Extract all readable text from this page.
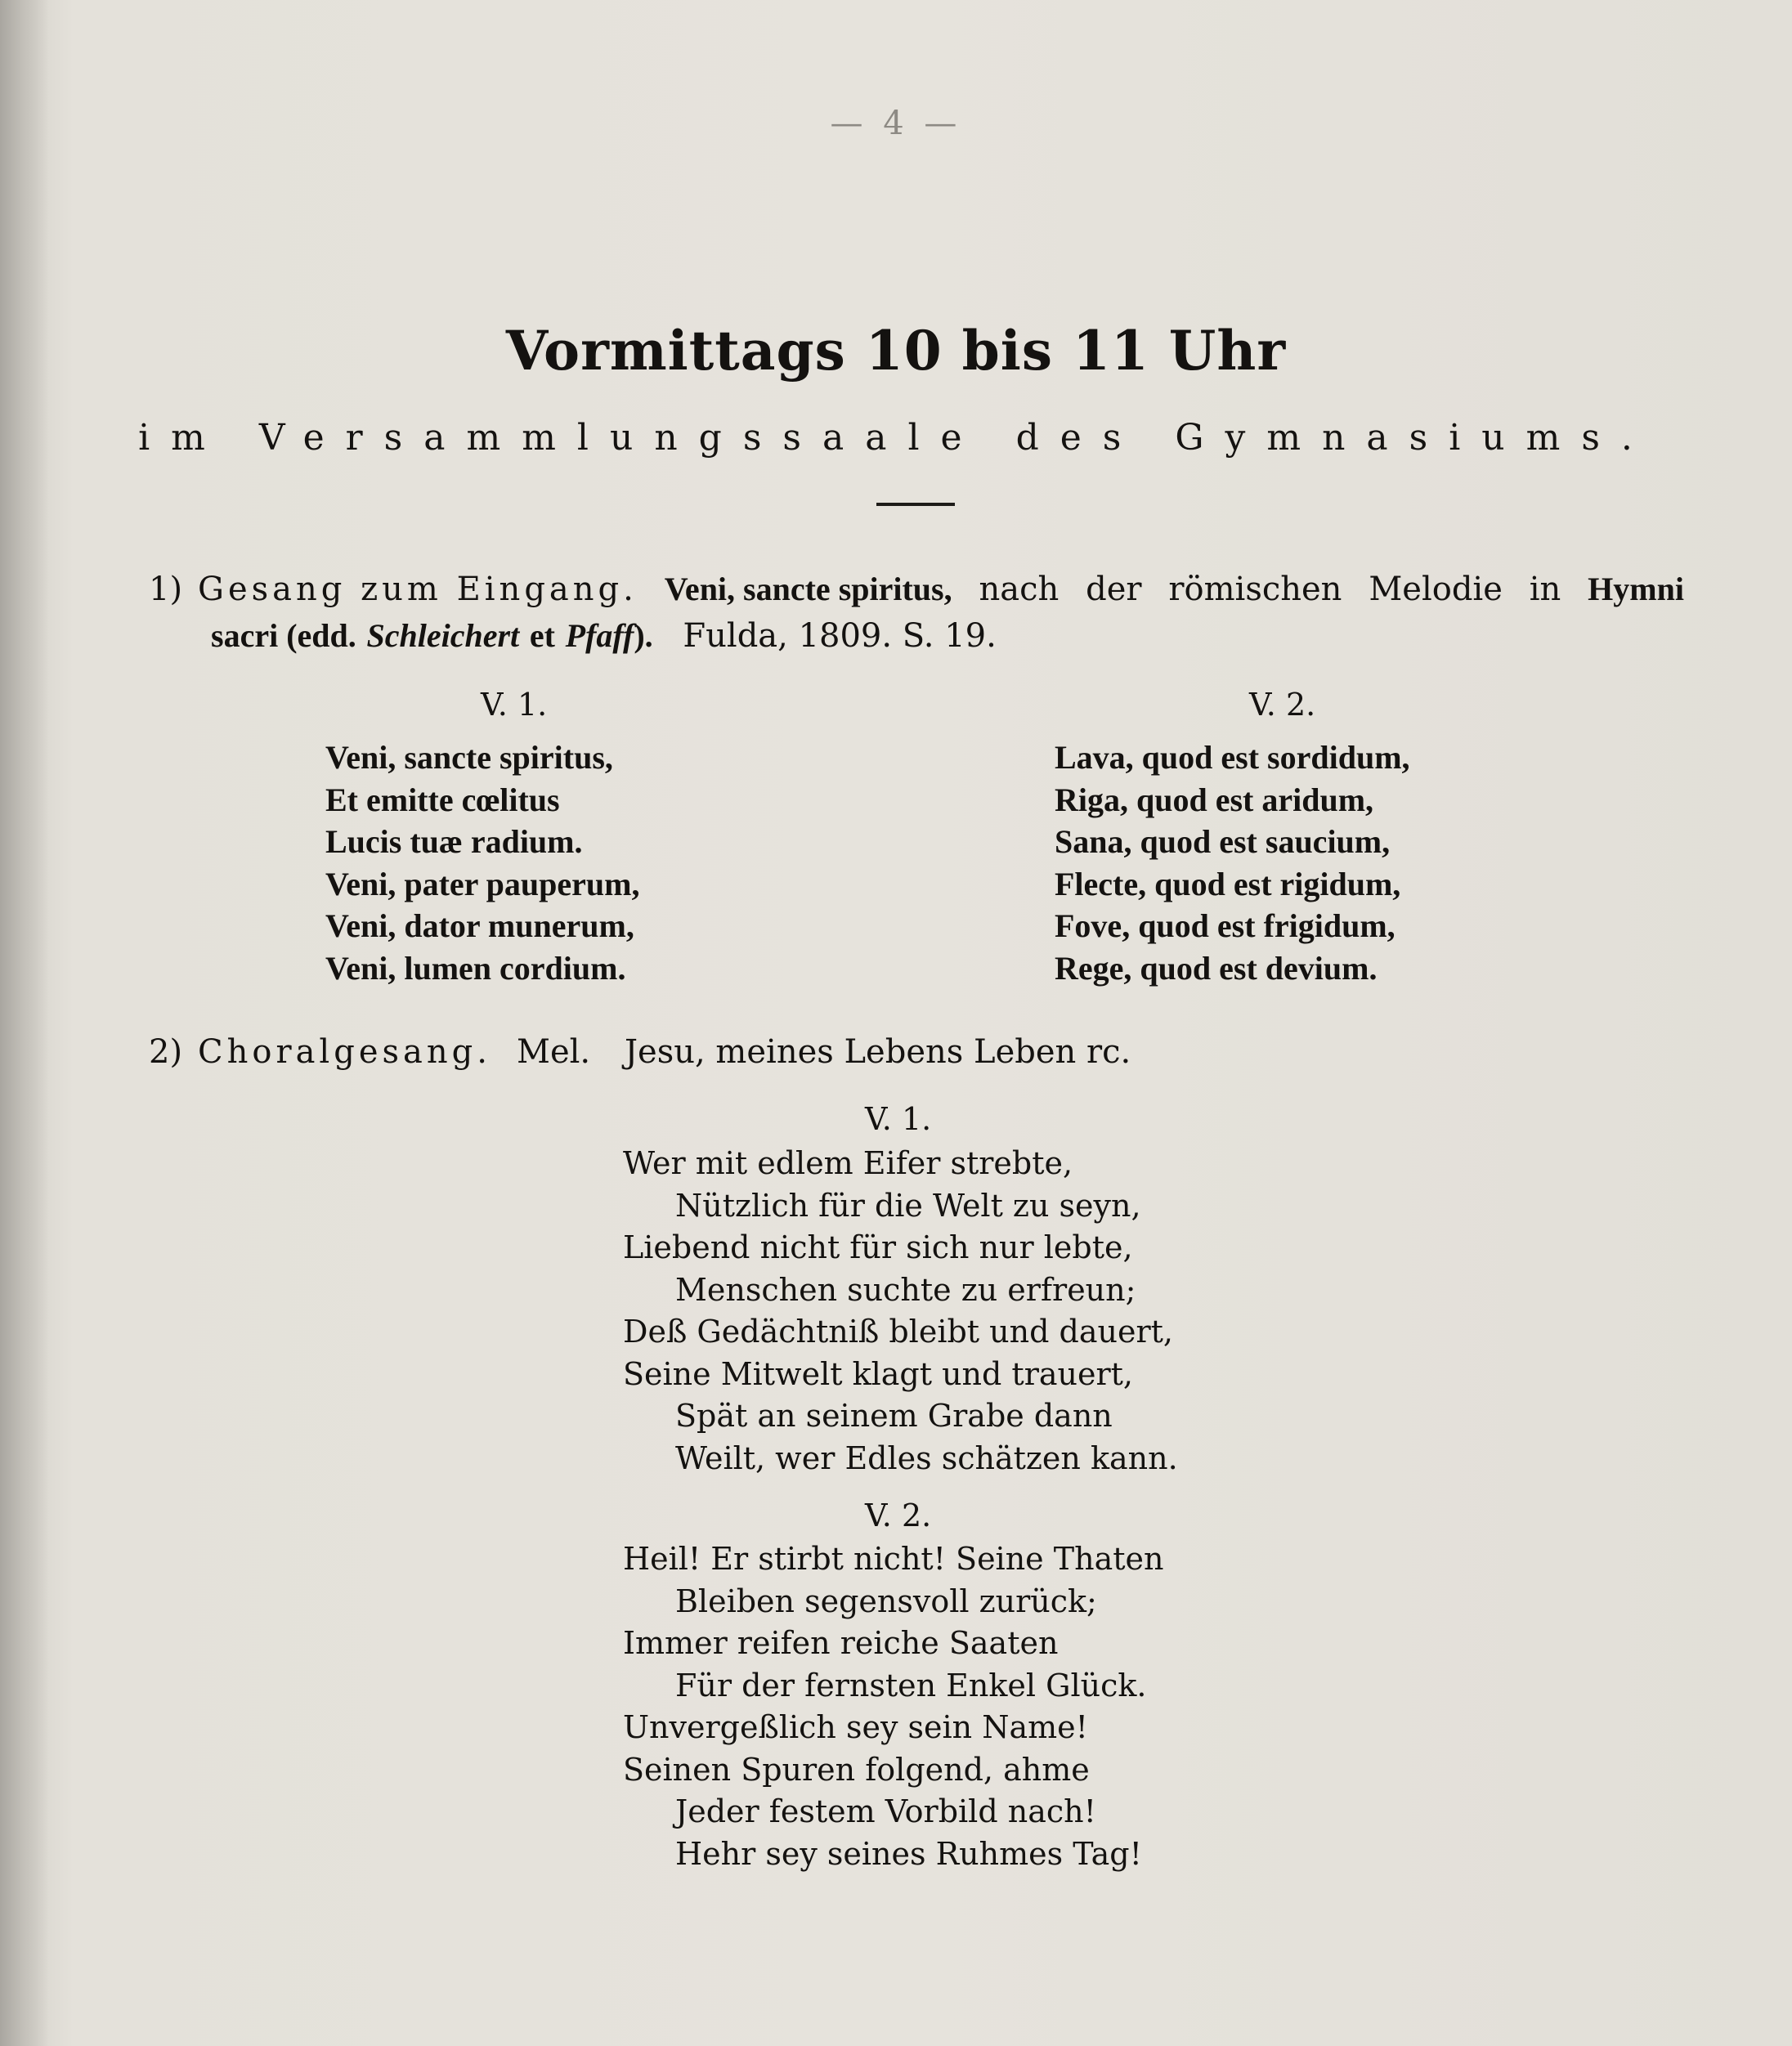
— 4 —
Vormittags 10 bis 11 Uhr
im Versammlungssaale des Gymnasiums.
1) Gesang zum Eingang. Veni, sancte spiritus, nach der römischen Melodie in Hymni
sacri (edd. Schleichert et Pfaff). Fulda, 1809. S. 19.
V. 1.	V. 2.
Veni, sancte spiritus,
Et emitte cœlitus
Lucis tuæ radium.
Veni, pater pauperum,
Veni, dator munerum,
Veni, lumen cordium.
Lava, quod est sordidum,
Riga, quod est aridum,
Sana, quod est saucium,
Flecte, quod est rigidum,
Fove, quod est frigidum,
Rege, quod est devium.
2) Choralgesang. Mel. Jesu, meines Lebens Leben rc.
V. 1.
Wer mit edlem Eifer strebte,
Nützlich für die Welt zu seyn,
Liebend nicht für sich nur lebte,
Menschen suchte zu erfreun;
Deß Gedächtniß bleibt und dauert,
Seine Mitwelt klagt und trauert,
Spät an seinem Grabe dann
Weilt, wer Edles schätzen kann.
V. 2.
Heil! Er stirbt nicht! Seine Thaten
Bleiben segensvoll zurück;
Immer reifen reiche Saaten
Für der fernsten Enkel Glück.
Unvergeßlich sey sein Name!
Seinen Spuren folgend, ahme
Jeder festem Vorbild nach!
Hehr sey seines Ruhmes Tag!
